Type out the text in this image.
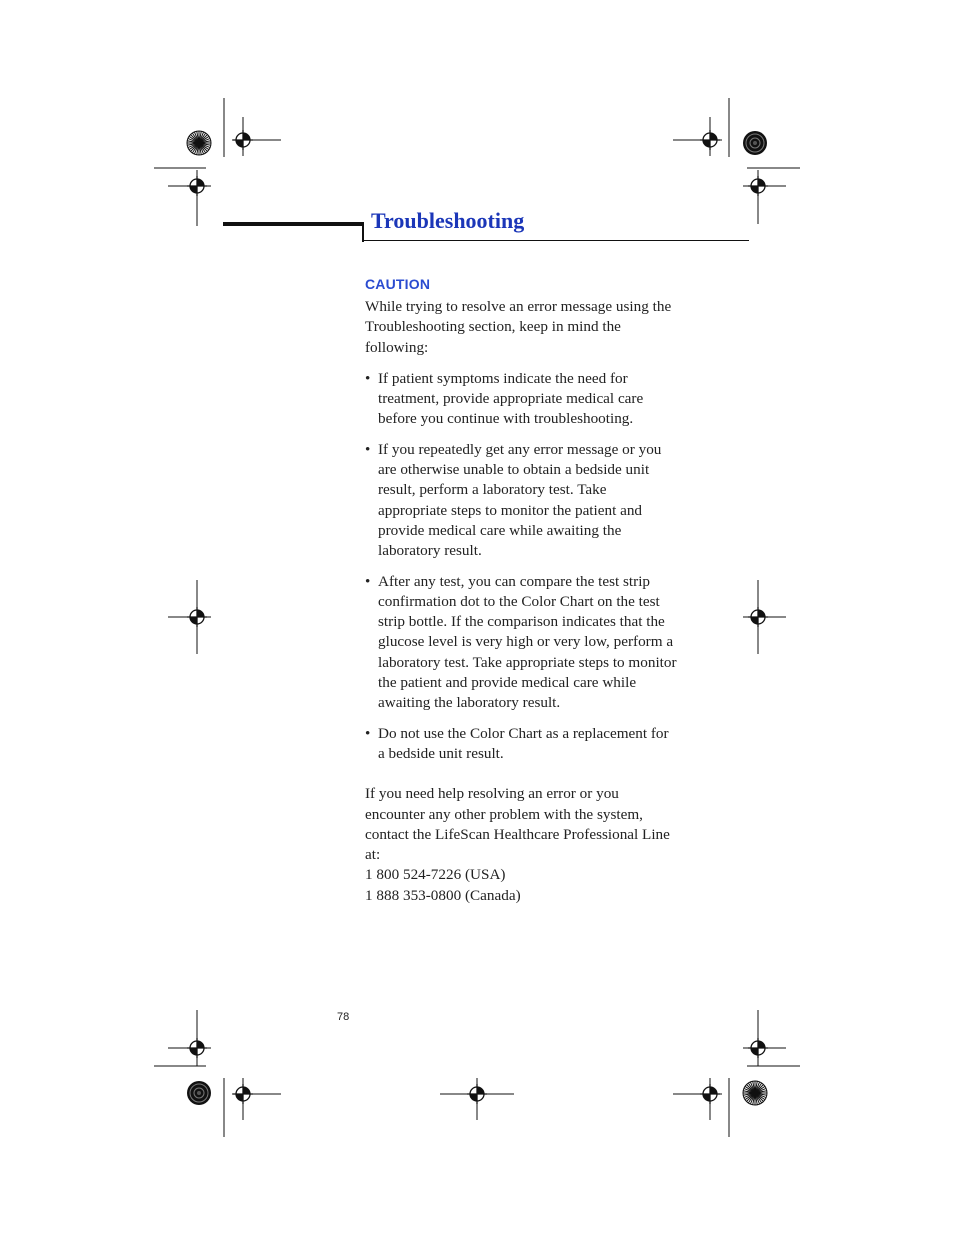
Troubleshooting
CAUTION

While trying to resolve an error message using the Troubleshooting section, keep in mind the following:

• If patient symptoms indicate the need for treatment, provide appropriate medical care before you continue with troubleshooting.
• If you repeatedly get any error message or you are otherwise unable to obtain a bedside unit result, perform a laboratory test. Take appropriate steps to monitor the patient and provide medical care while awaiting the laboratory result.
• After any test, you can compare the test strip confirmation dot to the Color Chart on the test strip bottle. If the comparison indicates that the glucose level is very high or very low, perform a laboratory test. Take appropriate steps to monitor the patient and provide medical care while awaiting the laboratory result.
• Do not use the Color Chart as a replacement for a bedside unit result.

If you need help resolving an error or you encounter any other problem with the system, contact the LifeScan Healthcare Professional Line at:

1 800 524-7226 (USA)

1 888 353-0800 (Canada)

78
